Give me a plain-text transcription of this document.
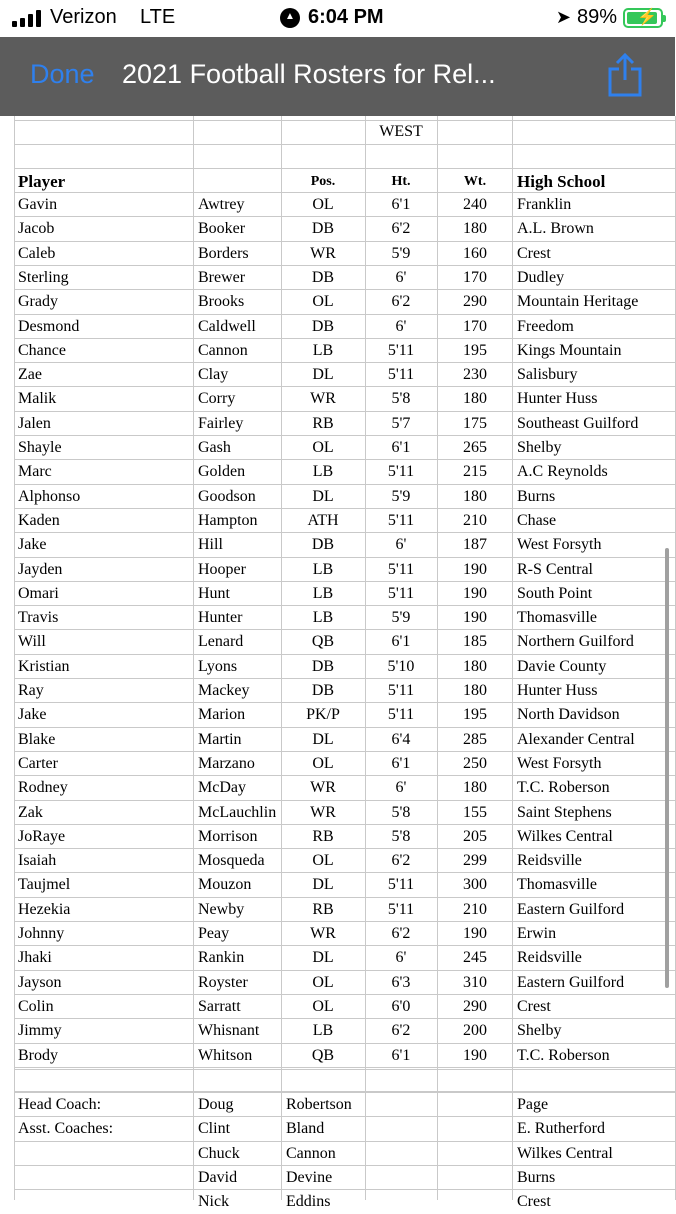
Verizon LTE
▲	6:04 PM	➤ 89% ⚡
Done 2021 Football Rosters for Rel...
WEST
Player	Pos.	Ht.	Wt.	High School
Gavin	Awtrey	OL	6'1	240	Franklin
Jacob	Booker	DB	6'2	180	A.L. Brown
Caleb	Borders	WR	5'9	160	Crest
Sterling	Brewer	DB	6'	170	Dudley
Grady	Brooks	OL	6'2	290	Mountain Heritage
Desmond	Caldwell	DB	6'	170	Freedom
Chance	Cannon	LB	5'11	195	Kings Mountain
Zae	Clay	DL	5'11	230	Salisbury
Malik	Corry	WR	5'8	180	Hunter Huss
Jalen	Fairley	RB	5'7	175	Southeast Guilford
Shayle	Gash	OL	6'1	265	Shelby
Marc	Golden	LB	5'11	215	A.C Reynolds
Alphonso	Goodson	DL	5'9	180	Burns
Kaden	Hampton	ATH	5'11	210	Chase
Jake	Hill	DB	6'	187	West Forsyth
Jayden	Hooper	LB	5'11	190	R-S Central
Omari	Hunt	LB	5'11	190	South Point
Travis	Hunter	LB	5'9	190	Thomasville
Will	Lenard	QB	6'1	185	Northern Guilford
Kristian	Lyons	DB	5'10	180	Davie County
Ray	Mackey	DB	5'11	180	Hunter Huss
Jake	Marion	PK/P	5'11	195	North Davidson
Blake	Martin	DL	6'4	285	Alexander Central
Carter	Marzano	OL	6'1	250	West Forsyth
Rodney	McDay	WR	6'	180	T.C. Roberson
Zak	McLauchlin	WR	5'8	155	Saint Stephens
JoRaye	Morrison	RB	5'8	205	Wilkes Central
Isaiah	Mosqueda	OL	6'2	299	Reidsville
Taujmel	Mouzon	DL	5'11	300	Thomasville
Hezekia	Newby	RB	5'11	210	Eastern Guilford
Johnny	Peay	WR	6'2	190	Erwin
Jhaki	Rankin	DL	6'	245	Reidsville
Jayson	Royster	OL	6'3	310	Eastern Guilford
Colin	Sarratt	OL	6'0	290	Crest
Jimmy	Whisnant	LB	6'2	200	Shelby
Brody	Whitson	QB	6'1	190	T.C. Roberson
Head Coach:	Doug	Robertson	Page
Asst. Coaches:	Clint	Bland	E. Rutherford
Chuck	Cannon	Wilkes Central
David	Devine	Burns
Nick	Eddins	Crest
